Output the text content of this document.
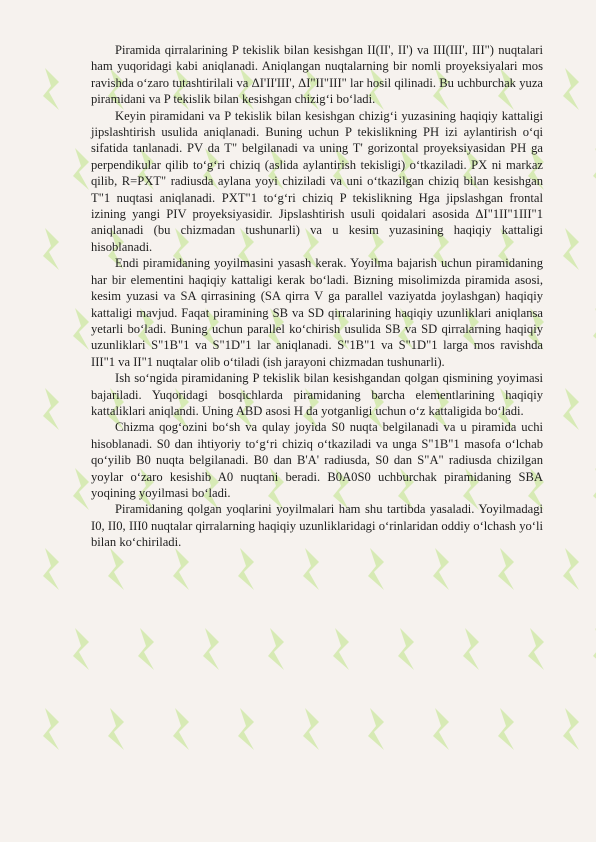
Piramida qirralarining P tekislik bilan kesishgan II(II', II') va III(III', III") nuqtalari ham yuqoridagi kabi aniqlanadi. Aniqlangan nuqtalarning bir nomli proyeksiyalari mos ravishda o‘zaro tutashtirilali va ΔI'II'III', ΔI"II"III" lar hosil qilinadi. Bu uchburchak yuza piramidani va P tekislik bilan kesishgan chizig‘i bo‘ladi.

Keyin piramidani va P tekislik bilan kesishgan chizig‘i yuzasining haqiqiy kattaligi jipslashtirish usulida aniqlanadi. Buning uchun P tekislikning PH izi aylantirish o‘qi sifatida tanlanadi. PV da T" belgilanadi va uning T' gorizontal proyeksiyasidan PH ga perpendikular qilib to‘g‘ri chiziq (aslida aylantirish tekisligi) o‘tkaziladi. PX ni markaz qilib, R=PXT" radiusda aylana yoyi chiziladi va uni o‘tkazilgan chiziq bilan kesishgan T"1 nuqtasi aniqlanadi. PXT"1 to‘g‘ri chiziq P tekislikning Hga jipslashgan frontal izining yangi PIV proyeksiyasidir. Jipslashtirish usuli qoidalari asosida ΔI"1II"1III"1 aniqlanadi (bu chizmadan tushunarli) va u kesim yuzasining haqiqiy kattaligi hisoblanadi.

Endi piramidaning yoyilmasini yasash kerak. Yoyilma bajarish uchun piramidaning har bir elementini haqiqiy kattaligi kerak bo‘ladi. Bizning misolimizda piramida asosi, kesim yuzasi va SA qirrasining (SA qirra V ga parallel vaziyatda joylashgan) haqiqiy kattaligi mavjud. Faqat piramining SB va SD qirralarining haqiqiy uzunliklari aniqlansa yetarli bo‘ladi. Buning uchun parallel ko‘chirish usulida SB va SD qirralarning haqiqiy uzunliklari S"1B"1 va S"1D"1 lar aniqlanadi. S"1B"1 va S"1D"1 larga mos ravishda III"1 va II"1 nuqtalar olib o‘tiladi (ish jarayoni chizmadan tushunarli).

Ish so‘ngida piramidaning P tekislik bilan kesishgandan qolgan qismining yoyimasi bajariladi. Yuqoridagi bosqichlarda piramidaning barcha elementlarining haqiqiy kattaliklari aniqlandi. Uning ABD asosi H da yotganligi uchun o‘z kattaligida bo‘ladi.

Chizma qog‘ozini bo‘sh va qulay joyida S0 nuqta belgilanadi va u piramida uchi hisoblanadi. S0 dan ihtiyoriy to‘g‘ri chiziq o‘tkaziladi va unga S"1B"1 masofa o‘lchab qo‘yilib B0 nuqta belgilanadi. B0 dan B'A' radiusda, S0 dan S"A" radiusda chizilgan yoylar o‘zaro kesishib A0 nuqtani beradi. B0A0S0 uchburchak piramidaning SBA yoqining yoyilmasi bo‘ladi.

Piramidaning qolgan yoqlarini yoyilmalari ham shu tartibda yasaladi. Yoyilmadagi I0, II0, III0 nuqtalar qirralarning haqiqiy uzunliklaridagi o‘rinlaridan oddiy o‘lchash yo‘li bilan ko‘chiriladi.
